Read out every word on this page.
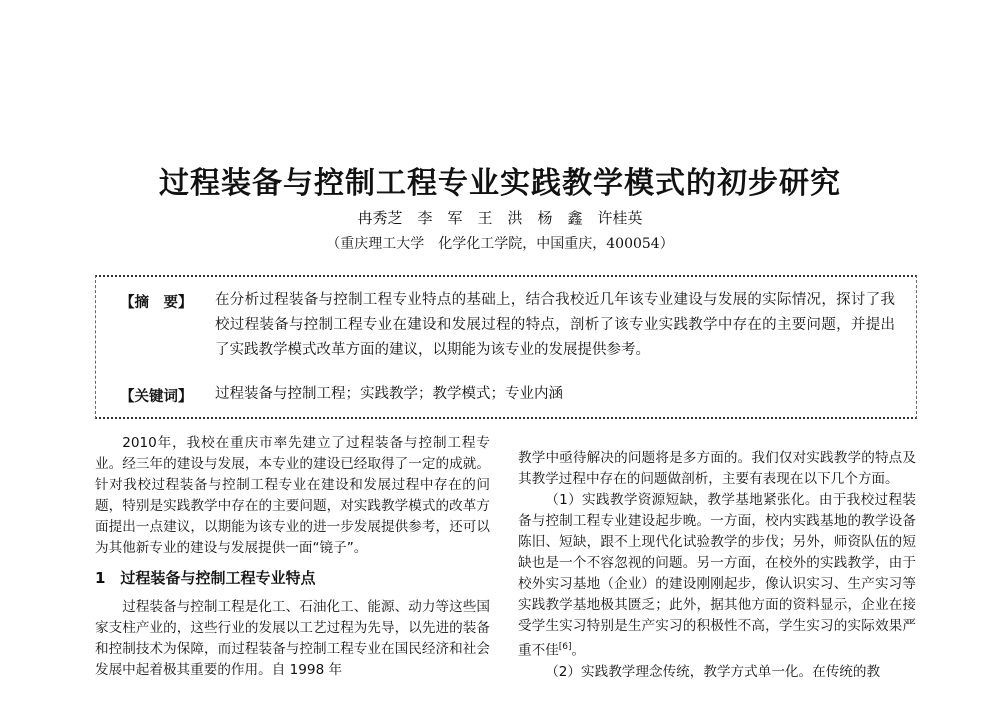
过程装备与控制工程专业实践教学模式的初步研究
冉秀芝　李　军　王　洪　杨　鑫　许桂英
（重庆理工大学　化学化工学院，中国重庆，400054）
【摘　要】 在分析过程装备与控制工程专业特点的基础上，结合我校近几年该专业建设与发展的实际情况，探讨了我校过程装备与控制工程专业在建设和发展过程的特点，剖析了该专业实践教学中存在的主要问题，并提出了实践教学模式改革方面的建议，以期能为该专业的发展提供参考。
【关键词】 过程装备与控制工程；实践教学；教学模式；专业内涵

2010年，我校在重庆市率先建立了过程装备与控制工程专业。经三年的建设与发展，本专业的建设已经取得了一定的成就。针对我校过程装备与控制工程专业在建设和发展过程中存在的问题，特别是实践教学中存在的主要问题，对实践教学模式的改革方面提出一点建议，以期能为该专业的进一步发展提供参考，还可以为其他新专业的建设与发展提供一面“镜子”。

1　过程装备与控制工程专业特点

过程装备与控制工程是化工、石油化工、能源、动力等这些国家支柱产业的，这些行业的发展以工艺过程为先导，以先进的装备和控制技术为保障，而过程装备与控制工程专业在国民经济和社会发展中起着极其重要的作用。自 1998 年

教学中亟待解决的问题将是多方面的。我们仅对实践教学的特点及其教学过程中存在的问题做剖析，主要有表现在以下几个方面。

（1）实践教学资源短缺，教学基地紧张化。由于我校过程装备与控制工程专业建设起步晚。一方面，校内实践基地的教学设备陈旧、短缺，跟不上现代化试验教学的步伐；另外，师资队伍的短缺也是一个不容忽视的问题。另一方面，在校外的实践教学，由于校外实习基地（企业）的建设刚刚起步，像认识实习、生产实习等实践教学基地极其匮乏；此外，据其他方面的资料显示，企业在接受学生实习特别是生产实习的积极性不高，学生实习的实际效果严重不佳[6]。

（2）实践教学理念传统，教学方式单一化。在传统的教
